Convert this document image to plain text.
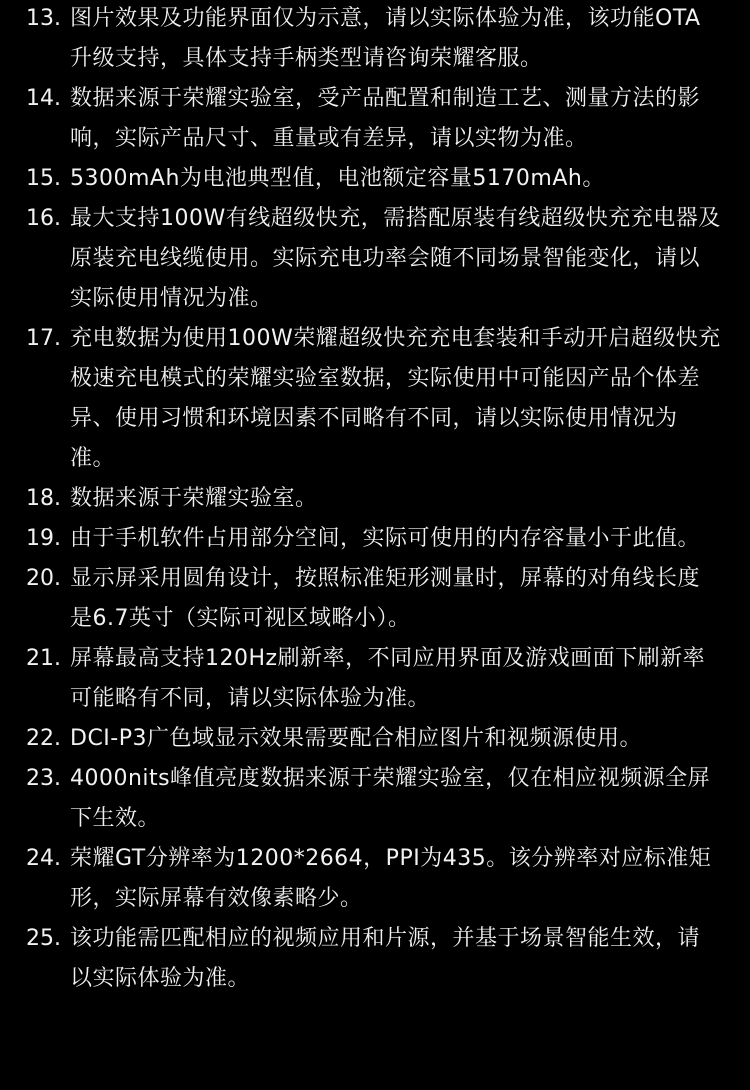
13. 图片效果及功能界面仅为示意，请以实际体验为准，该功能OTA升级支持，具体支持手柄类型请咨询荣耀客服。
14. 数据来源于荣耀实验室，受产品配置和制造工艺、测量方法的影响，实际产品尺寸、重量或有差异，请以实物为准。
15. 5300mAh为电池典型值，电池额定容量5170mAh。
16. 最大支持100W有线超级快充，需搭配原装有线超级快充充电器及原装充电线缆使用。实际充电功率会随不同场景智能变化，请以实际使用情况为准。
17. 充电数据为使用100W荣耀超级快充充电套装和手动开启超级快充极速充电模式的荣耀实验室数据，实际使用中可能因产品个体差异、使用习惯和环境因素不同略有不同，请以实际使用情况为准。
18. 数据来源于荣耀实验室。
19. 由于手机软件占用部分空间，实际可使用的内存容量小于此值。
20. 显示屏采用圆角设计，按照标准矩形测量时，屏幕的对角线长度是6.7英寸（实际可视区域略小）。
21. 屏幕最高支持120Hz刷新率，不同应用界面及游戏画面下刷新率可能略有不同，请以实际体验为准。
22. DCI-P3广色域显示效果需要配合相应图片和视频源使用。
23. 4000nits峰值亮度数据来源于荣耀实验室，仅在相应视频源全屏下生效。
24. 荣耀GT分辨率为1200*2664，PPI为435。该分辨率对应标准矩形，实际屏幕有效像素略少。
25. 该功能需匹配相应的视频应用和片源，并基于场景智能生效，请以实际体验为准。
